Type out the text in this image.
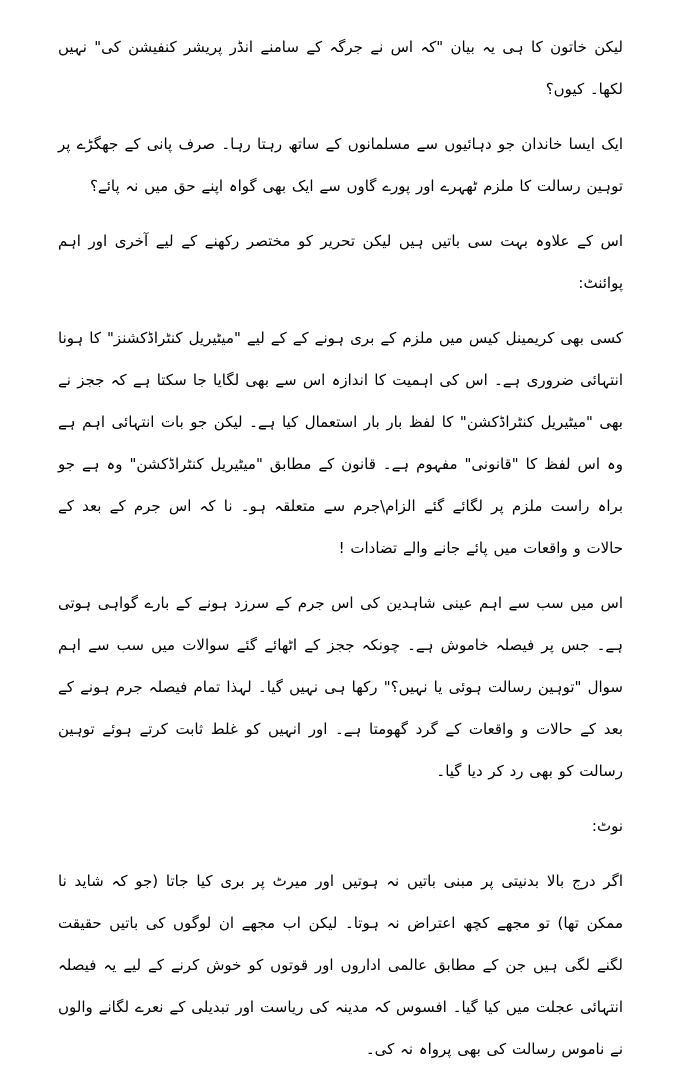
لیکن خاتون کا ہی یہ بیان "کہ اس نے جرگہ کے سامنے انڈر پریشر کنفیشن کی" نہیں لکھا۔ کیوں؟

ایک ایسا خاندان جو دہائیوں سے مسلمانوں کے ساتھ رہتا رہا۔ صرف پانی کے جھگڑے پر توہین رسالت کا ملزم ٹھہرے اور پورے گاوں سے ایک بھی گواہ اپنے حق میں نہ پائے؟

اس کے علاوہ بہت سی باتیں ہیں لیکن تحریر کو مختصر رکھنے کے لیے آخری اور اہم پوائنٹ:

کسی بھی کریمینل کیس میں ملزم کے بری ہونے کے کے لیے "میٹیریل کنٹراڈکشنز" کا ہونا انتہائی ضروری ہے۔ اس کی اہمیت کا اندازہ اس سے بھی لگایا جا سکتا ہے کہ ججز نے بھی "میٹیریل کنٹراڈکشن" کا لفظ بار بار استعمال کیا ہے۔ لیکن جو بات انتہائی اہم ہے وہ اس لفظ کا "قانونی" مفہوم ہے۔ قانون کے مطابق "میٹیریل کنٹراڈکشن" وہ ہے جو براہ راست ملزم پر لگائے گئے الزام\جرم سے متعلقہ ہو۔ نا کہ اس جرم کے بعد کے حالات و واقعات میں پائے جانے والے تضادات !

اس میں سب سے اہم عینی شاہدین کی اس جرم کے سرزد ہونے کے بارے گواہی ہوتی ہے۔ جس پر فیصلہ خاموش ہے۔ چونکہ ججز کے اٹھائے گئے سوالات میں سب سے اہم سوال "توہین رسالت ہوئی یا نہیں؟" رکھا ہی نہیں گیا۔ لہذا تمام فیصلہ جرم ہونے کے بعد کے حالات و واقعات کے گرد گھومتا ہے۔ اور انہیں کو غلط ثابت کرتے ہوئے توہین رسالت کو بھی رد کر دیا گیا۔

نوٹ:

اگر درج بالا بدنیتی پر مبنی باتیں نہ ہوتیں اور میرٹ پر بری کیا جاتا (جو کہ شاید نا ممکن تھا) تو مجھے کچھ اعتراض نہ ہوتا۔ لیکن اب مجھے ان لوگوں کی باتیں حقیقت لگنے لگی ہیں جن کے مطابق عالمی اداروں اور قوتوں کو خوش کرنے کے لیے یہ فیصلہ انتہائی عجلت میں کیا گیا۔ افسوس کہ مدینہ کی ریاست اور تبدیلی کے نعرے لگانے والوں نے ناموس رسالت کی بھی پرواہ نہ کی۔
